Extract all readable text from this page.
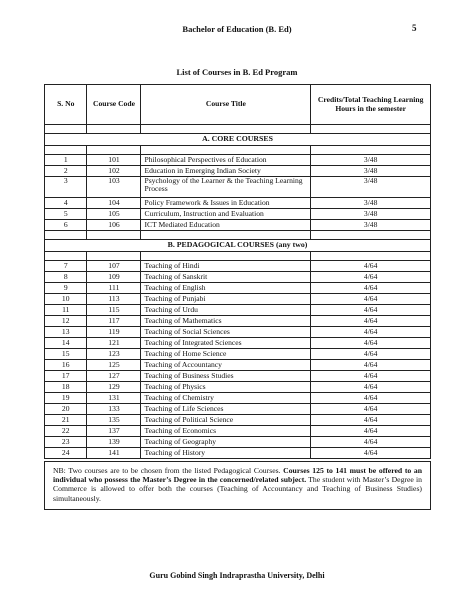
Bachelor of Education (B. Ed)	5
List of Courses in B. Ed Program
S. No	Course Code	Course Title	Credits/Total Teaching Learning Hours in the semester

A. CORE COURSES			

1	101	Philosophical Perspectives of Education	3/48
2	102	Education in Emerging Indian Society	3/48
3	103	Psychology of the Learner & the Teaching Learning Process	3/48
4	104	Policy Framework & Issues in Education	3/48
5	105	Curriculum, Instruction and Evaluation	3/48
6	106	ICT Mediated Education	3/48

B. PEDAGOGICAL COURSES (any two)			

7	107	Teaching of Hindi	4/64
8	109	Teaching of Sanskrit	4/64
9	111	Teaching of English	4/64
10	113	Teaching of Punjabi	4/64
11	115	Teaching of Urdu	4/64
12	117	Teaching of Mathematics	4/64
13	119	Teaching of Social Sciences	4/64
14	121	Teaching of Integrated Sciences	4/64
15	123	Teaching of Home Science	4/64
16	125	Teaching of Accountancy	4/64
17	127	Teaching of Business Studies	4/64
18	129	Teaching of Physics	4/64
19	131	Teaching of Chemistry	4/64
20	133	Teaching of Life Sciences	4/64
21	135	Teaching of Political Science	4/64
22	137	Teaching of Economics	4/64
23	139	Teaching of Geography	4/64
24	141	Teaching of History	4/64
NB: Two courses are to be chosen from the listed Pedagogical Courses. Courses 125 to 141 must be offered to an individual who possess the Master’s Degree in the concerned/related subject. The student with Master’s Degree in Commerce is allowed to offer both the courses (Teaching of Accountancy and Teaching of Business Studies) simultaneously.
Guru Gobind Singh Indraprastha University, Delhi
